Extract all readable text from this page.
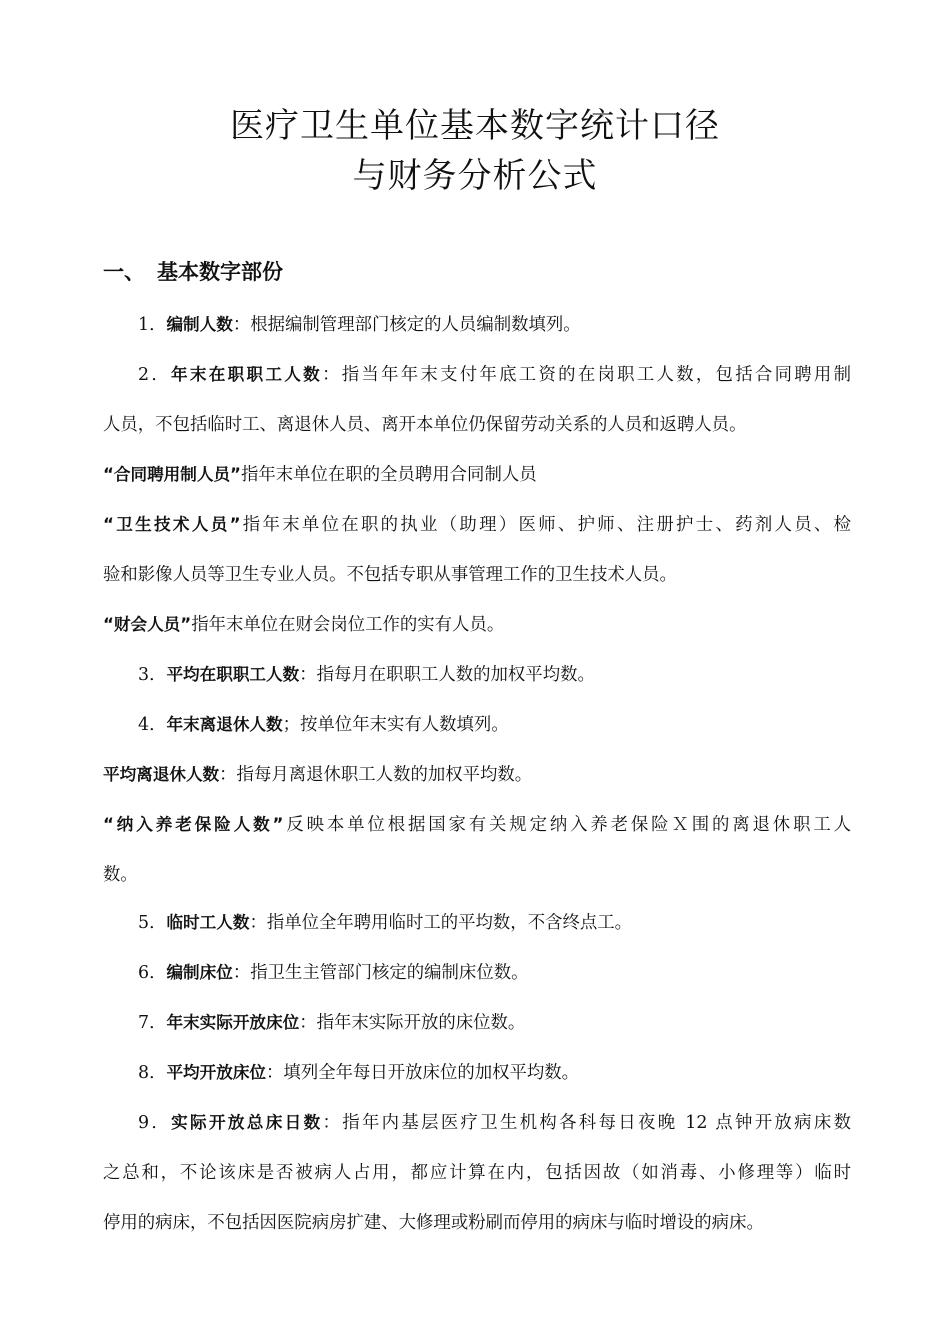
医疗卫生单位基本数字统计口径
与财务分析公式
一、 基本数字部份
1．编制人数：根据编制管理部门核定的人员编制数填列。
2．年末在职职工人数：指当年年末支付年底工资的在岗职工人数，包括合同聘用制
人员，不包括临时工、离退休人员、离开本单位仍保留劳动关系的人员和返聘人员。
“合同聘用制人员”指年末单位在职的全员聘用合同制人员
“卫生技术人员”指年末单位在职的执业（助理）医师、护师、注册护士、药剂人员、检
验和影像人员等卫生专业人员。不包括专职从事管理工作的卫生技术人员。
“财会人员”指年末单位在财会岗位工作的实有人员。
3．平均在职职工人数：指每月在职职工人数的加权平均数。
4．年末离退休人数；按单位年末实有人数填列。
平均离退休人数：指每月离退休职工人数的加权平均数。
“纳入养老保险人数”反映本单位根据国家有关规定纳入养老保险Ｘ围的离退休职工人
数。
5．临时工人数：指单位全年聘用临时工的平均数，不含终点工。
6．编制床位：指卫生主管部门核定的编制床位数。
7．年末实际开放床位：指年末实际开放的床位数。
8．平均开放床位：填列全年每日开放床位的加权平均数。
9．实际开放总床日数：指年内基层医疗卫生机构各科每日夜晚 12 点钟开放病床数
之总和，不论该床是否被病人占用，都应计算在内，包括因故（如消毒、小修理等）临时
停用的病床，不包括因医院病房扩建、大修理或粉刷而停用的病床与临时增设的病床。
